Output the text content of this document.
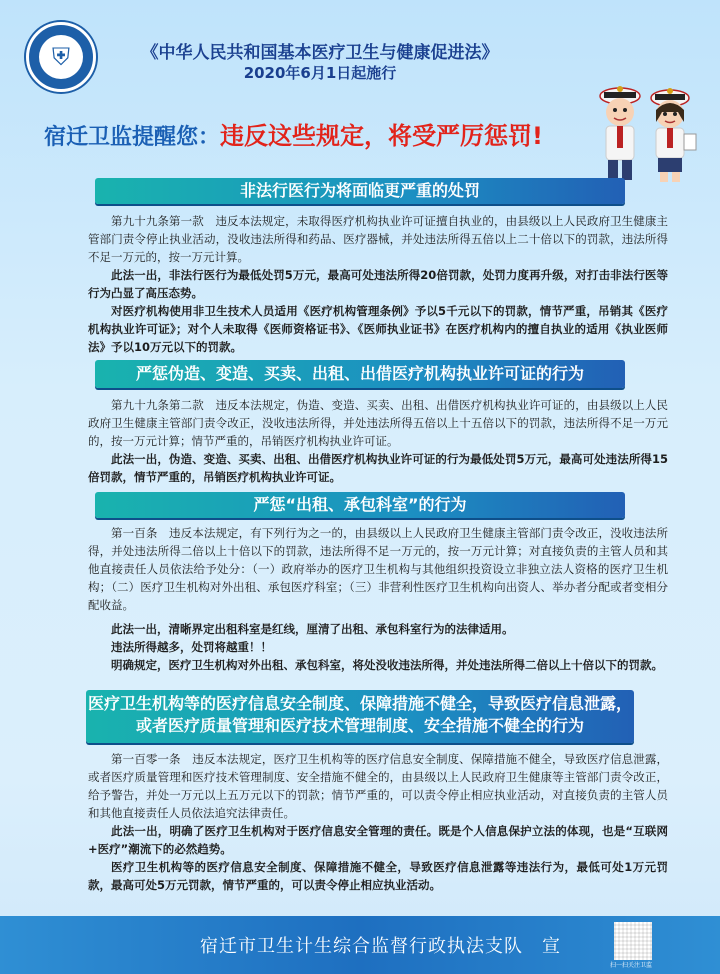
⛨	《中华人民共和国基本医疗卫生与健康促进法》
2020年6月1日起施行
宿迁卫监提醒您：违反这些规定，将受严厉惩罚!
非法行医行为将面临更严重的处罚
第九十九条第一款　违反本法规定，未取得医疗机构执业许可证擅自执业的，由县级以上人民政府卫生健康主管部门责令停止执业活动，没收违法所得和药品、医疗器械，并处违法所得五倍以上二十倍以下的罚款，违法所得不足一万元的，按一万元计算。
此法一出，非法行医行为最低处罚5万元，最高可处违法所得20倍罚款，处罚力度再升级，对打击非法行医等行为凸显了高压态势。
对医疗机构使用非卫生技术人员适用《医疗机构管理条例》予以5千元以下的罚款，情节严重，吊销其《医疗机构执业许可证》；对个人未取得《医师资格证书》、《医师执业证书》在医疗机构内的擅自执业的适用《执业医师法》予以10万元以下的罚款。
严惩伪造、变造、买卖、出租、出借医疗机构执业许可证的行为
第九十九条第二款　违反本法规定，伪造、变造、买卖、出租、出借医疗机构执业许可证的，由县级以上人民政府卫生健康主管部门责令改正，没收违法所得，并处违法所得五倍以上十五倍以下的罚款，违法所得不足一万元的，按一万元计算；情节严重的，吊销医疗机构执业许可证。
此法一出，伪造、变造、买卖、出租、出借医疗机构执业许可证的行为最低处罚5万元，最高可处违法所得15倍罚款，情节严重的，吊销医疗机构执业许可证。
严惩“出租、承包科室”的行为
第一百条　违反本法规定，有下列行为之一的，由县级以上人民政府卫生健康主管部门责令改正，没收违法所得，并处违法所得二倍以上十倍以下的罚款，违法所得不足一万元的，按一万元计算；对直接负责的主管人员和其他直接责任人员依法给予处分：（一）政府举办的医疗卫生机构与其他组织投资设立非独立法人资格的医疗卫生机构；（二）医疗卫生机构对外出租、承包医疗科室；（三）非营利性医疗卫生机构向出资人、举办者分配或者变相分配收益。
此法一出，清晰界定出租科室是红线，厘清了出租、承包科室行为的法律适用。
违法所得越多，处罚将越重！！
明确规定，医疗卫生机构对外出租、承包科室，将处没收违法所得，并处违法所得二倍以上十倍以下的罚款。
医疗卫生机构等的医疗信息安全制度、保障措施不健全，导致医疗信息泄露，
或者医疗质量管理和医疗技术管理制度、安全措施不健全的行为
第一百零一条　违反本法规定，医疗卫生机构等的医疗信息安全制度、保障措施不健全，导致医疗信息泄露，或者医疗质量管理和医疗技术管理制度、安全措施不健全的，由县级以上人民政府卫生健康等主管部门责令改正，给予警告，并处一万元以上五万元以下的罚款；情节严重的，可以责令停止相应执业活动，对直接负责的主管人员和其他直接责任人员依法追究法律责任。
此法一出，明确了医疗卫生机构对于医疗信息安全管理的责任。既是个人信息保护立法的体现，也是“互联网+医疗”潮流下的必然趋势。
医疗卫生机构等的医疗信息安全制度、保障措施不健全，导致医疗信息泄露等违法行为，最低可处1万元罚款，最高可处5万元罚款，情节严重的，可以责令停止相应执业活动。
宿迁市卫生计生综合监督行政执法支队　宣
扫一扫关注卫监
